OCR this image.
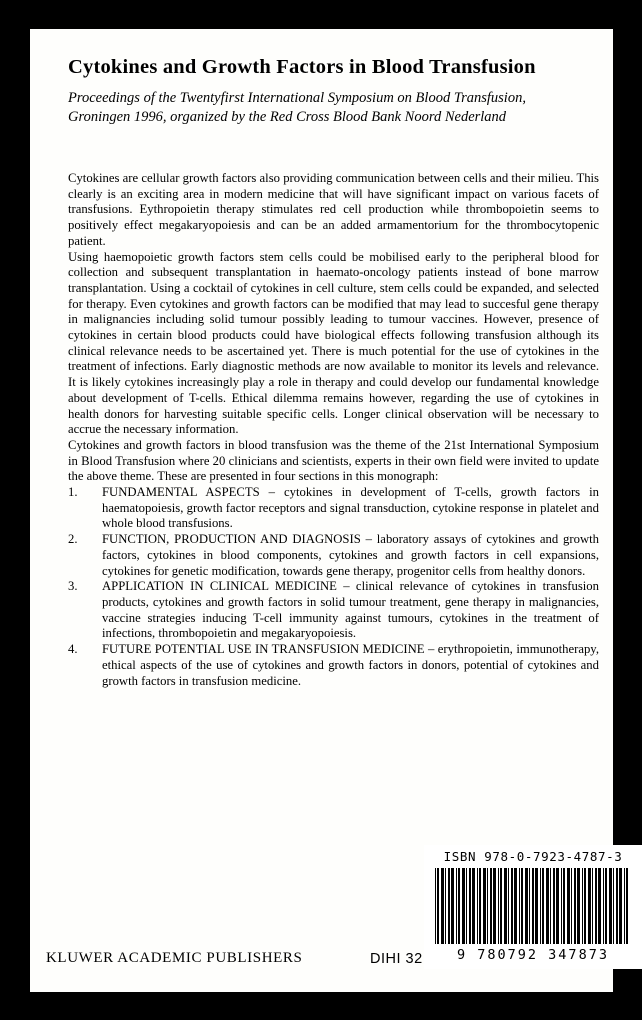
Cytokines and Growth Factors in Blood Transfusion

Proceedings of the Twentyfirst International Symposium on Blood Transfusion,
Groningen 1996, organized by the Red Cross Blood Bank Noord Nederland

Cytokines are cellular growth factors also providing communication between cells and their milieu. This clearly is an exciting area in modern medicine that will have significant impact on various facets of transfusions. Eythropoietin therapy stimulates red cell production while thrombopoietin seems to positively effect megakaryopoiesis and can be an added armamentorium for the thrombocytopenic patient.

Using haemopoietic growth factors stem cells could be mobilised early to the peripheral blood for collection and subsequent transplantation in haemato-oncology patients instead of bone marrow transplantation. Using a cocktail of cytokines in cell culture, stem cells could be expanded, and selected for therapy. Even cytokines and growth factors can be modified that may lead to succesful gene therapy in malignancies including solid tumour possibly leading to tumour vaccines. However, presence of cytokines in certain blood products could have biological effects following transfusion although its clinical relevance needs to be ascertained yet. There is much potential for the use of cytokines in the treatment of infections. Early diagnostic methods are now available to monitor its levels and relevance. It is likely cytokines increasingly play a role in therapy and could develop our fundamental knowledge about development of T-cells. Ethical dilemma remains however, regarding the use of cytokines in health donors for harvesting suitable specific cells. Longer clinical observation will be necessary to accrue the necessary information.

Cytokines and growth factors in blood transfusion was the theme of the 21st International Symposium in Blood Transfusion where 20 clinicians and scientists, experts in their own field were invited to update the above theme. These are presented in four sections in this monograph:

1. FUNDAMENTAL ASPECTS – cytokines in development of T-cells, growth factors in haematopoiesis, growth factor receptors and signal transduction, cytokine response in platelet and whole blood transfusions.
2. FUNCTION, PRODUCTION AND DIAGNOSIS – laboratory assays of cytokines and growth factors, cytokines in blood components, cytokines and growth factors in cell expansions, cytokines for genetic modification, towards gene therapy, progenitor cells from healthy donors.
3. APPLICATION IN CLINICAL MEDICINE – clinical relevance of cytokines in transfusion products, cytokines and growth factors in solid tumour treatment, gene therapy in malignancies, vaccine strategies inducing T-cell immunity against tumours, cytokines in the treatment of infections, thrombopoietin and megakaryopoiesis.
4. FUTURE POTENTIAL USE IN TRANSFUSION MEDICINE – erythropoietin, immunotherapy, ethical aspects of the use of cytokines and growth factors in donors, potential of cytokines and growth factors in transfusion medicine.
KLUWER ACADEMIC PUBLISHERS	DIHI 32
ISBN 978-0-7923-4787-3
9 780792 347873
